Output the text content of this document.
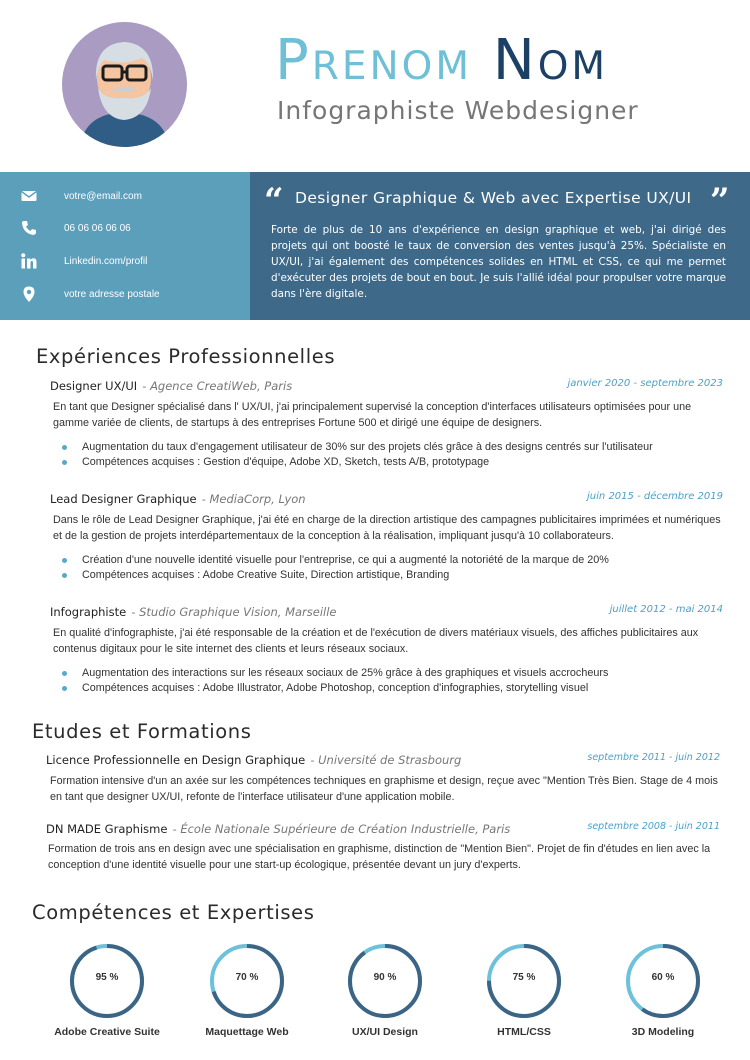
Prenom Nom
Infographiste Webdesigner
votre@email.com
06 06 06 06 06
Linkedin.com/profil
votre adresse postale
“ Designer Graphique & Web avec Expertise UX/UI ”
Forte de plus de 10 ans d'expérience en design graphique et web, j'ai dirigé des projets qui ont boosté le taux de conversion des ventes jusqu'à 25%. Spécialiste en UX/UI, j'ai également des compétences solides en HTML et CSS, ce qui me permet d'exécuter des projets de bout en bout. Je suis l'allié idéal pour propulser votre marque dans l'ère digitale.
Expériences Professionnelles
Designer UX/UI - Agence CreatiWeb, Paris	janvier 2020 - septembre 2023
En tant que Designer spécialisé dans l' UX/UI, j'ai principalement supervisé la conception d'interfaces utilisateurs optimisées pour une gamme variée de clients, de startups à des entreprises Fortune 500 et dirigé une équipe de designers.
Augmentation du taux d'engagement utilisateur de 30% sur des projets clés grâce à des designs centrés sur l'utilisateur
Compétences acquises : Gestion d'équipe, Adobe XD, Sketch, tests A/B, prototypage
Lead Designer Graphique - MediaCorp, Lyon	juin 2015 - décembre 2019
Dans le rôle de Lead Designer Graphique, j'ai été en charge de la direction artistique des campagnes publicitaires imprimées et numériques et de la gestion de projets interdépartementaux de la conception à la réalisation, impliquant jusqu'à 10 collaborateurs.
Création d'une nouvelle identité visuelle pour l'entreprise, ce qui a augmenté la notoriété de la marque de 20%
Compétences acquises : Adobe Creative Suite, Direction artistique, Branding
Infographiste - Studio Graphique Vision, Marseille	juillet 2012 - mai 2014
En qualité d'infographiste, j'ai été responsable de la création et de l'exécution de divers matériaux visuels, des affiches publicitaires aux contenus digitaux pour le site internet des clients et leurs réseaux sociaux.
Augmentation des interactions sur les réseaux sociaux de 25% grâce à des graphiques et visuels accrocheurs
Compétences acquises : Adobe Illustrator, Adobe Photoshop, conception d'infographies, storytelling visuel
Etudes et Formations
Licence Professionnelle en Design Graphique - Université de Strasbourg	septembre 2011 - juin 2012
Formation intensive d'un an axée sur les compétences techniques en graphisme et design, reçue avec "Mention Très Bien. Stage de 4 mois en tant que designer UX/UI, refonte de l'interface utilisateur d'une application mobile.
DN MADE Graphisme - École Nationale Supérieure de Création Industrielle, Paris	septembre 2008 - juin 2011
Formation de trois ans en design avec une spécialisation en graphisme, distinction de "Mention Bien". Projet de fin d'études en lien avec la conception d'une identité visuelle pour une start-up écologique, présentée devant un jury d'experts.
Compétences et Expertises
95 %
Adobe Creative Suite
70 %
Maquettage Web
90 %
UX/UI Design
75 %
HTML/CSS
60 %
3D Modeling
